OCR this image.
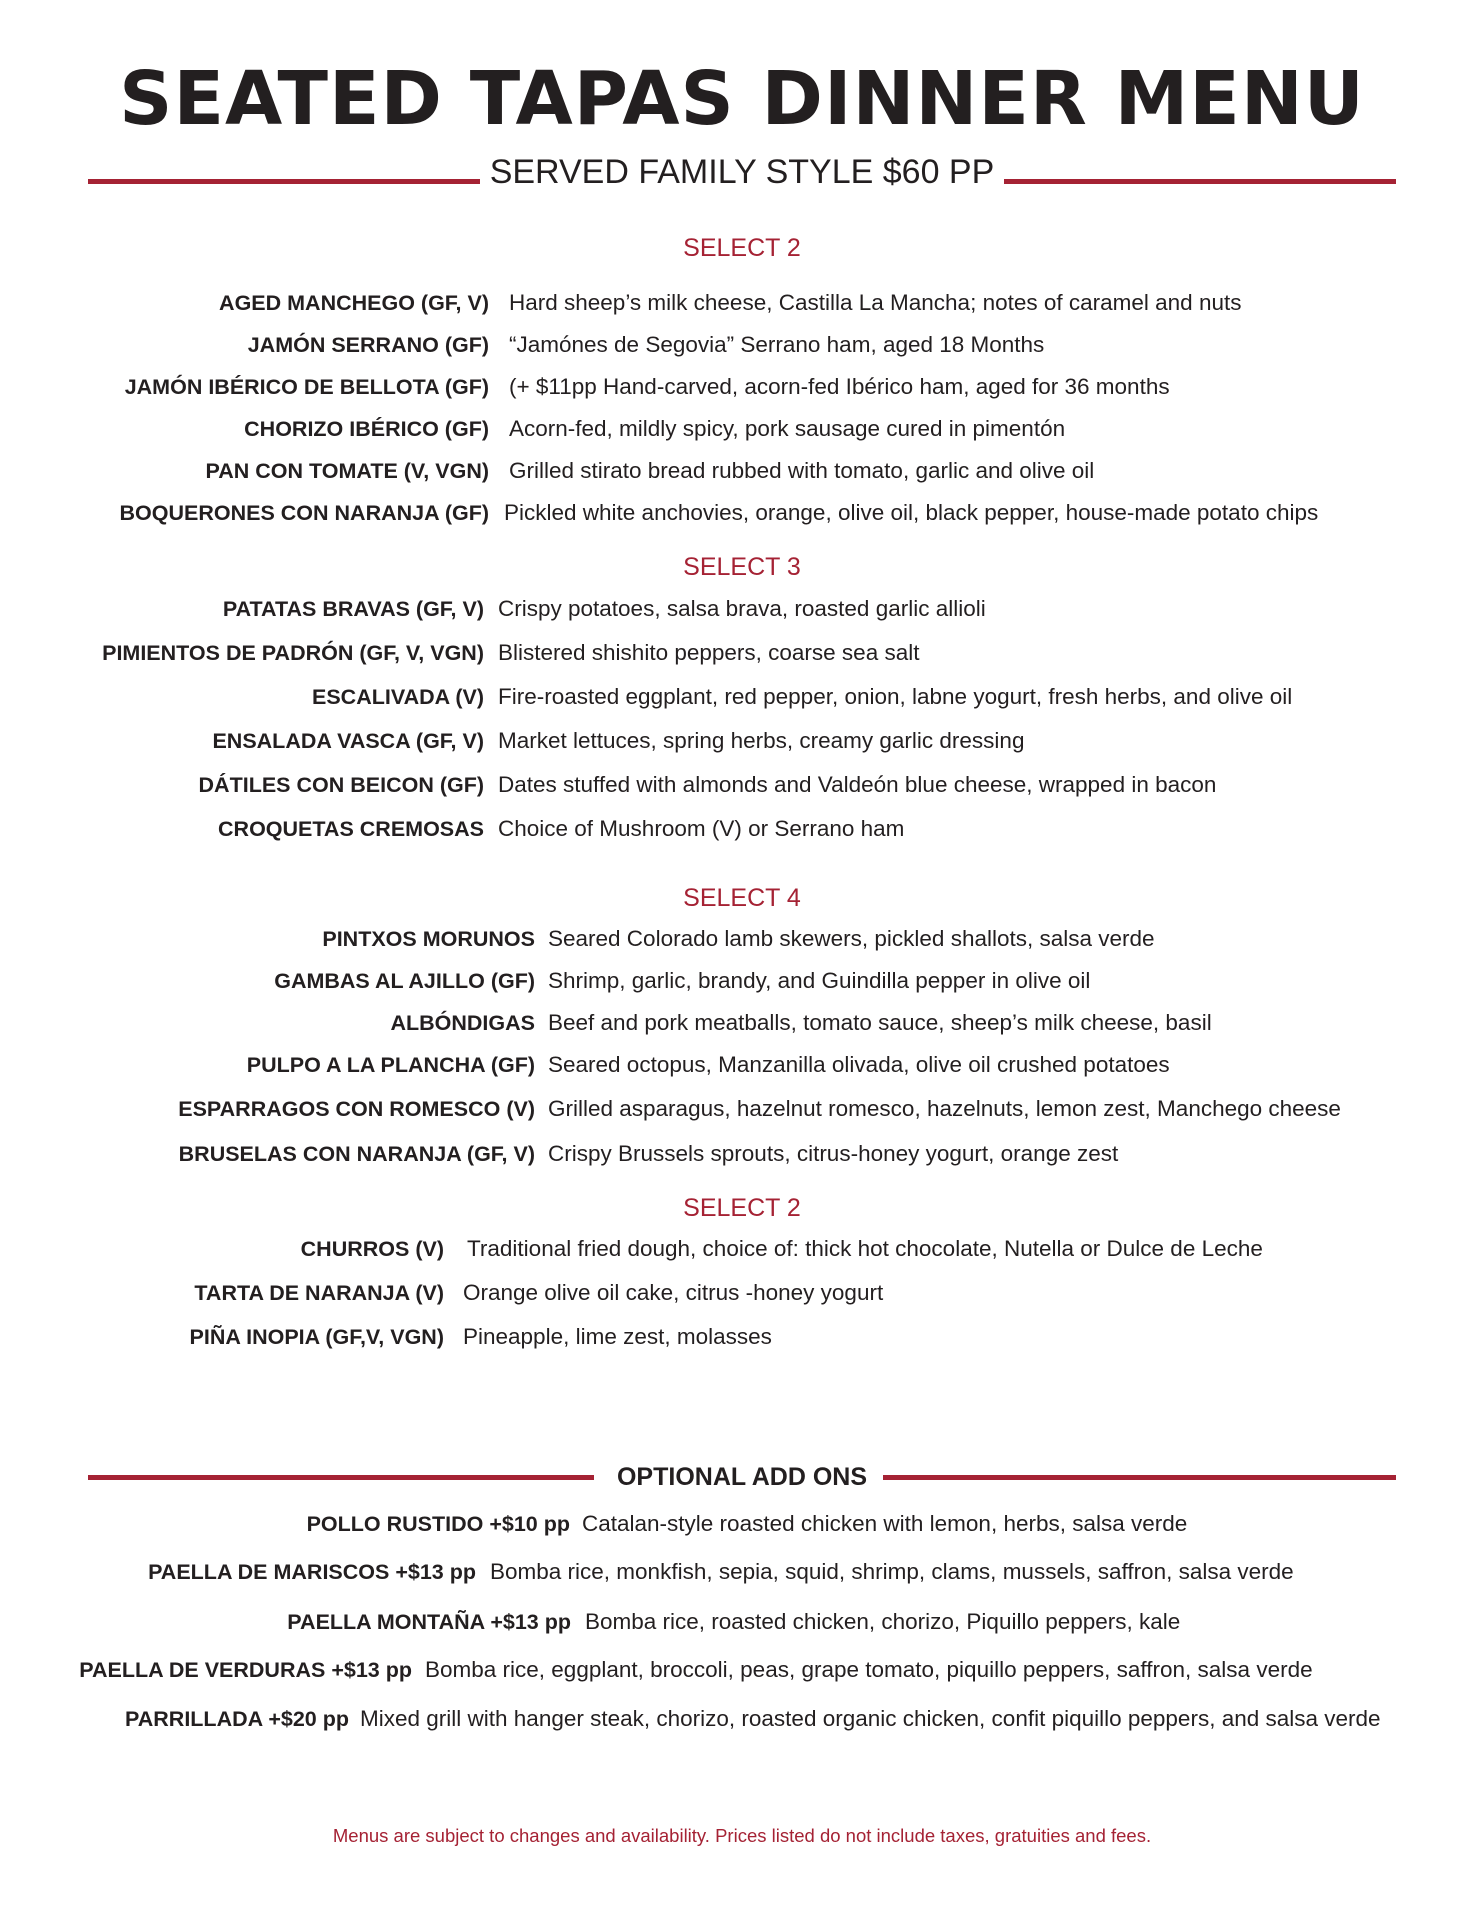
SEATED TAPAS DINNER MENU
SERVED FAMILY STYLE $60 PP
SELECT 2
AGED MANCHEGO (GF, V) Hard sheep’s milk cheese, Castilla La Mancha; notes of caramel and nuts
JAMÓN SERRANO (GF) “Jamónes de Segovia” Serrano ham, aged 18 Months
JAMÓN IBÉRICO DE BELLOTA (GF) (+ $11pp Hand-carved, acorn-fed Ibérico ham, aged for 36 months
CHORIZO IBÉRICO (GF) Acorn-fed, mildly spicy, pork sausage cured in pimentón
PAN CON TOMATE (V, VGN) Grilled stirato bread rubbed with tomato, garlic and olive oil
BOQUERONES CON NARANJA (GF) Pickled white anchovies, orange, olive oil, black pepper, house-made potato chips
SELECT 3
PATATAS BRAVAS (GF, V) Crispy potatoes, salsa brava, roasted garlic allioli
PIMIENTOS DE PADRÓN (GF, V, VGN) Blistered shishito peppers, coarse sea salt
ESCALIVADA (V) Fire-roasted eggplant, red pepper, onion, labne yogurt, fresh herbs, and olive oil
ENSALADA VASCA (GF, V) Market lettuces, spring herbs, creamy garlic dressing
DÁTILES CON BEICON (GF) Dates stuffed with almonds and Valdeón blue cheese, wrapped in bacon
CROQUETAS CREMOSAS Choice of Mushroom (V) or Serrano ham
SELECT 4
PINTXOS MORUNOS Seared Colorado lamb skewers, pickled shallots, salsa verde
GAMBAS AL AJILLO (GF) Shrimp, garlic, brandy, and Guindilla pepper in olive oil
ALBÓNDIGAS Beef and pork meatballs, tomato sauce, sheep’s milk cheese, basil
PULPO A LA PLANCHA (GF) Seared octopus, Manzanilla olivada, olive oil crushed potatoes
ESPARRAGOS CON ROMESCO (V) Grilled asparagus, hazelnut romesco, hazelnuts, lemon zest, Manchego cheese
BRUSELAS CON NARANJA (GF, V) Crispy Brussels sprouts, citrus-honey yogurt, orange zest
SELECT 2
CHURROS (V) Traditional fried dough, choice of: thick hot chocolate, Nutella or Dulce de Leche
TARTA DE NARANJA (V) Orange olive oil cake, citrus -honey yogurt
PIÑA INOPIA (GF,V, VGN) Pineapple, lime zest, molasses
OPTIONAL ADD ONS
POLLO RUSTIDO +$10 pp Catalan-style roasted chicken with lemon, herbs, salsa verde
PAELLA DE MARISCOS +$13 pp Bomba rice, monkfish, sepia, squid, shrimp, clams, mussels, saffron, salsa verde
PAELLA MONTAÑA +$13 pp Bomba rice, roasted chicken, chorizo, Piquillo peppers, kale
PAELLA DE VERDURAS +$13 pp Bomba rice, eggplant, broccoli, peas, grape tomato, piquillo peppers, saffron, salsa verde
PARRILLADA +$20 pp Mixed grill with hanger steak, chorizo, roasted organic chicken, confit piquillo peppers, and salsa verde
Menus are subject to changes and availability. Prices listed do not include taxes, gratuities and fees.
